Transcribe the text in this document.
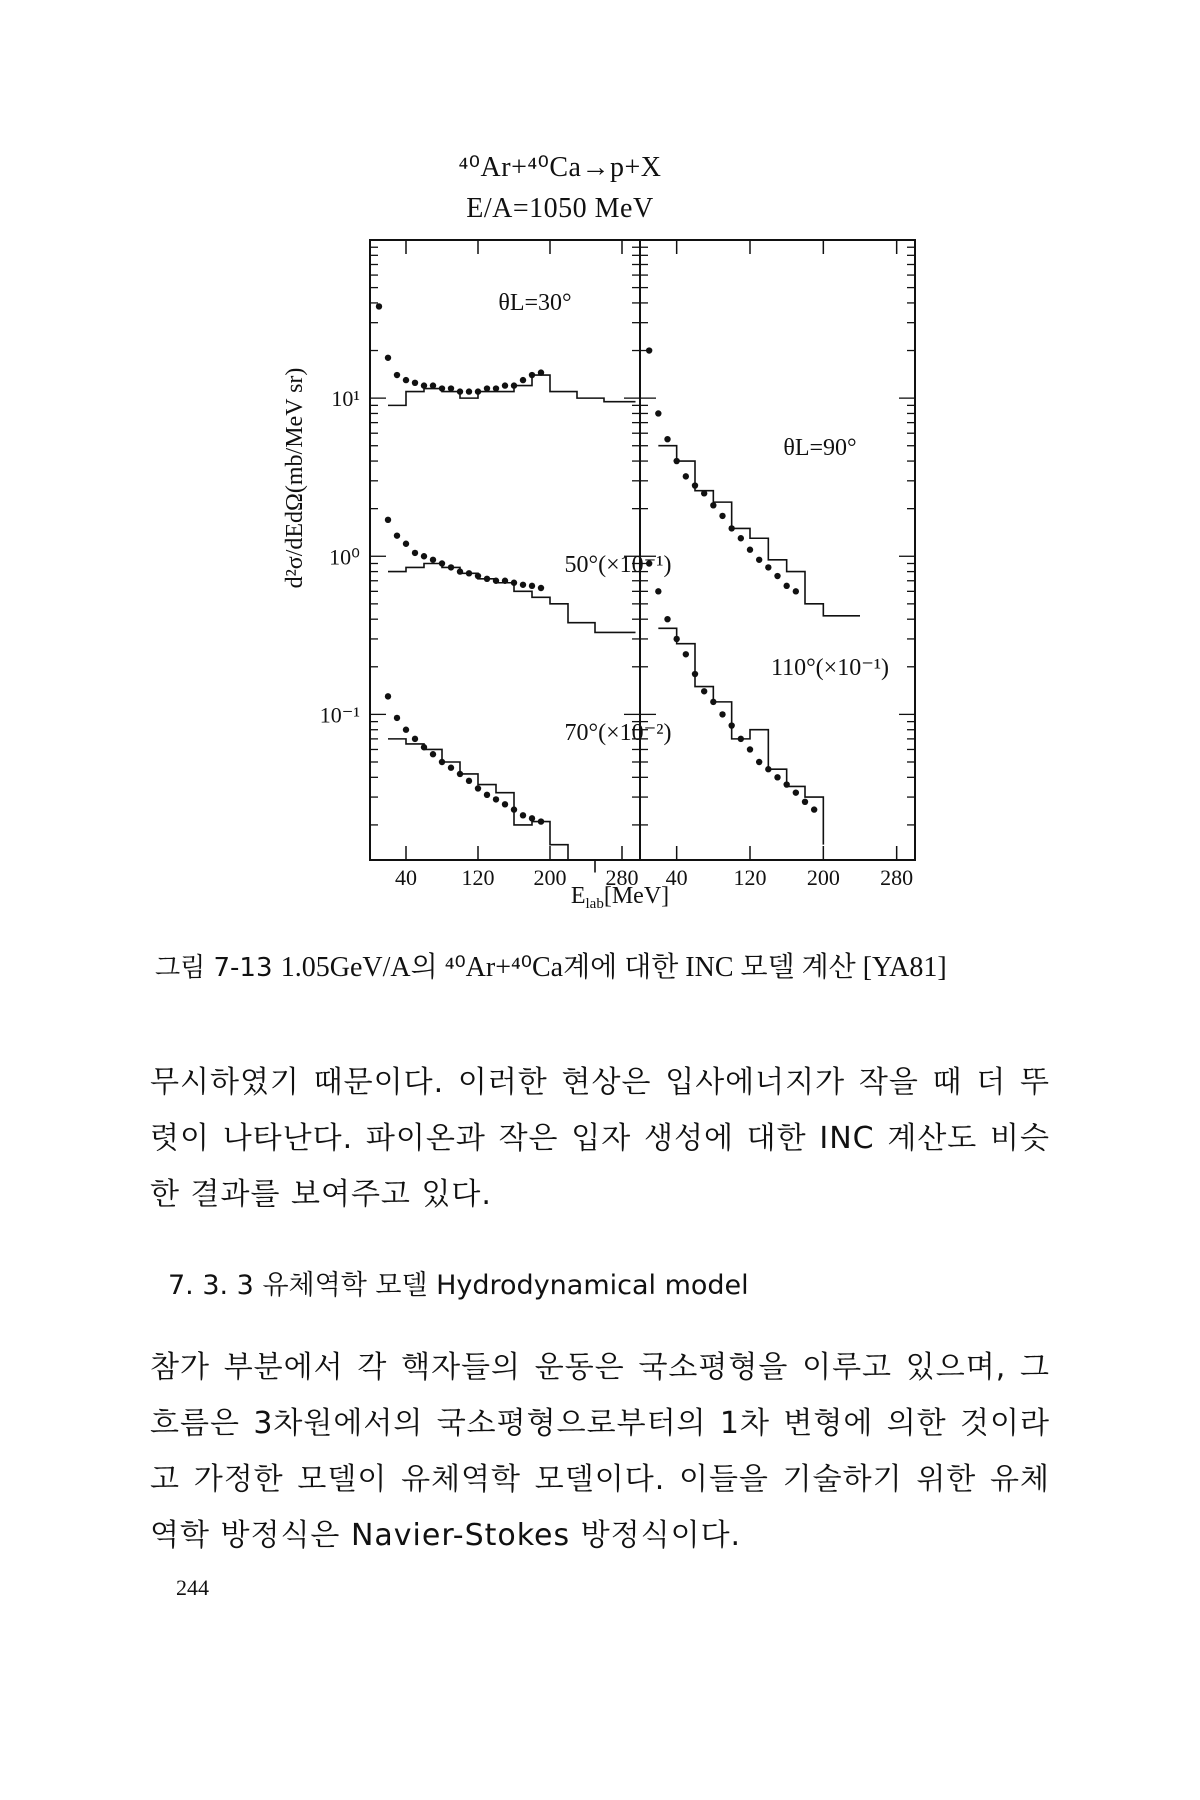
⁴⁰Ar+⁴⁰Ca→p+X
E/A=1050 MeV
d²σ/dEdΩ(mb/MeV sr)
$E_{lab}[MeV]$
40 120 200 280 40 120 200 280
10¹
10⁰
10⁻¹
θL=30°
50°(×10⁻¹)
70°(×10⁻²)
θL=90°
110°(×10⁻¹)
그림 7-13 1.05GeV/A의 ⁴⁰Ar+⁴⁰Ca계에 대한 INC 모델 계산 [YA81]
무시하였기 때문이다. 이러한 현상은 입사에너지가 작을 때 더 뚜렷이 나타난다. 파이온과 작은 입자 생성에 대한 INC 계산도 비슷한 결과를 보여주고 있다.
7. 3. 3 유체역학 모델 Hydrodynamical model
참가 부분에서 각 핵자들의 운동은 국소평형을 이루고 있으며, 그 흐름은 3차원에서의 국소평형으로부터의 1차 변형에 의한 것이라고 가정한 모델이 유체역학 모델이다. 이들을 기술하기 위한 유체역학 방정식은 Navier-Stokes 방정식이다.
244
